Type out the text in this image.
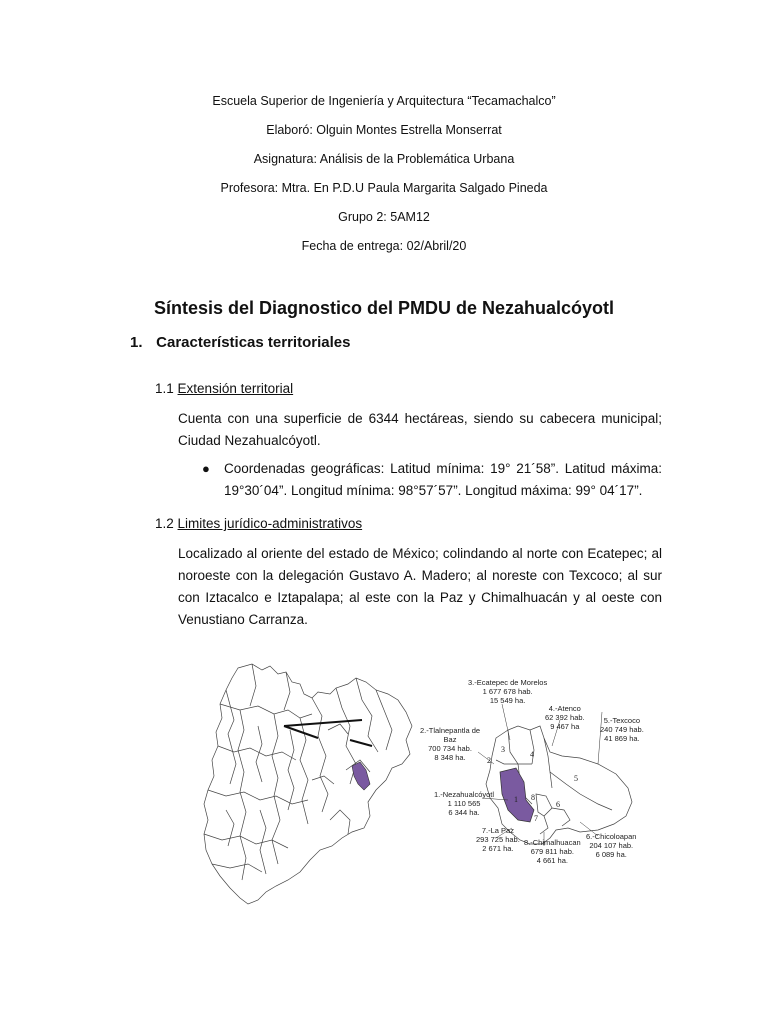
Escuela Superior de Ingeniería y Arquitectura “Tecamachalco”
Elaboró: Olguin Montes Estrella Monserrat
Asignatura: Análisis de la Problemática Urbana
Profesora: Mtra. En P.D.U Paula Margarita Salgado Pineda
Grupo 2: 5AM12
Fecha de entrega: 02/Abril/20
Síntesis del Diagnostico del PMDU de Nezahualcóyotl
1. Características territoriales
1.1 Extensión territorial
Cuenta con una superficie de 6344 hectáreas, siendo su cabecera municipal; Ciudad Nezahualcóyotl.
● Coordenadas geográficas: Latitud mínima: 19° 21´58”. Latitud máxima: 19°30´04”. Longitud mínima: 98°57´57”. Longitud máxima: 99° 04´17”.
1.2 Limites jurídico-administrativos
Localizado al oriente del estado de México; colindando al norte con Ecatepec; al noroeste con la delegación Gustavo A. Madero; al noreste con Texcoco; al sur con Iztacalco e Iztapalapa; al este con la Paz y Chimalhuacán y al oeste con Venustiano Carranza.
1
2
3
4
5
6
7
8
3.-Ecatepec de Morelos
1 677 678 hab.
15 549 ha.
4.-Atenco
62 392 hab.
9 467 ha
5.-Texcoco
240 749 hab.
41 869 ha.
2.-Tlalnepantla de
Baz
700 734 hab.
8 348 ha.
1.-Nezahualcóyotl
1 110 565
6 344 ha.
6.-Chicoloapan
204 107 hab.
6 089 ha.
7.-La Paz
293 725 hab.
2 671 ha.
8.-Chimalhuacan
679 811 hab.
4 661 ha.
